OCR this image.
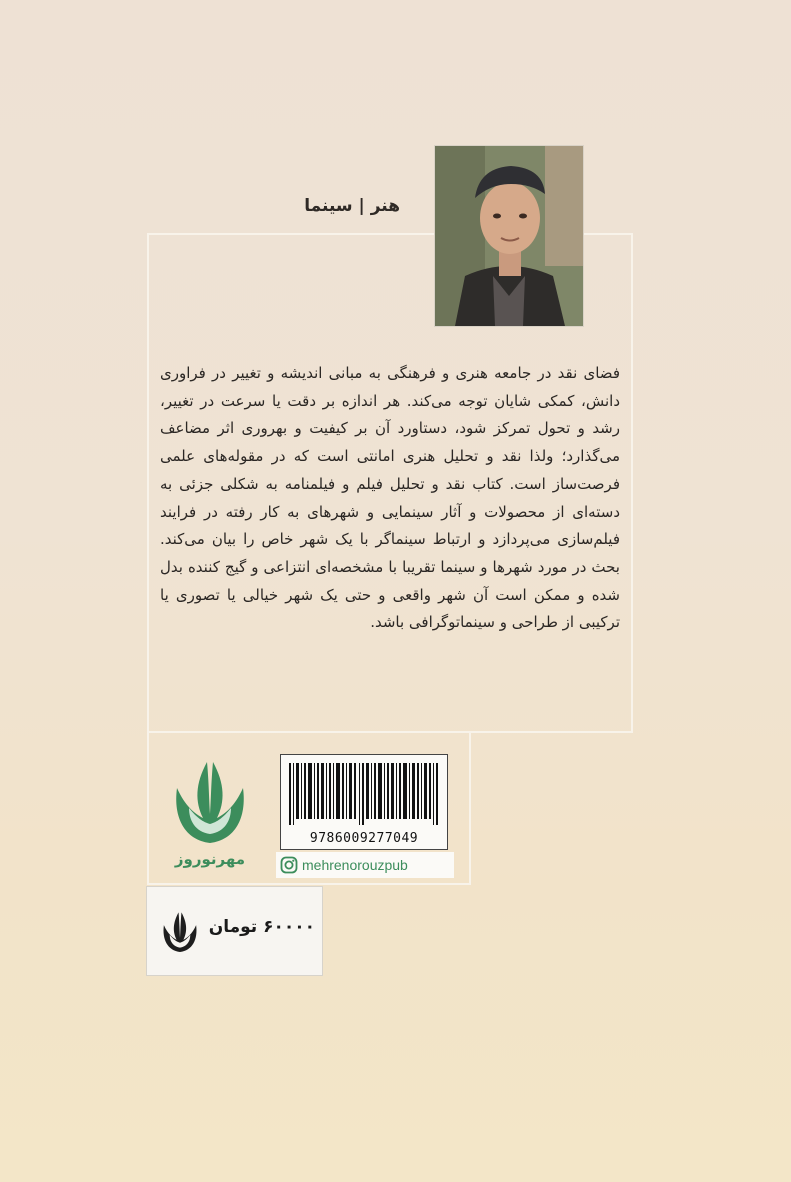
هنر | سینما

فضای نقد در جامعه هنری و فرهنگی به مبانی اندیشه و تغییر در فراوری دانش، کمکی شایان توجه می‌کند. هر اندازه بر دقت یا سرعت در تغییر، رشد و تحول تمرکز شود، دستاورد آن بر کیفیت و بهروری اثر مضاعف می‌گذارد؛ ولذا نقد و تحلیل هنری امانتی است که در مقوله‌های علمی فرصت‌ساز است. کتاب نقد و تحلیل فیلم و فیلمنامه به شکلی جزئی به دسته‌ای از محصولات و آثار سینمایی و شهرهای به کار رفته در فرایند فیلم‌سازی می‌پردازد و ارتباط سینماگر با یک شهر خاص را بیان می‌کند. بحث در مورد شهرها و سینما تقریبا با مشخصه‌ای انتزاعی و گیج کننده بدل شده و ممکن است آن شهر واقعی و حتی یک شهر خیالی یا تصوری یا ترکیبی از طراحی و سینماتوگرافی باشد.

مهرنوروز
9786009277049
mehrenorouzpub
۶۰۰۰۰ تومان
